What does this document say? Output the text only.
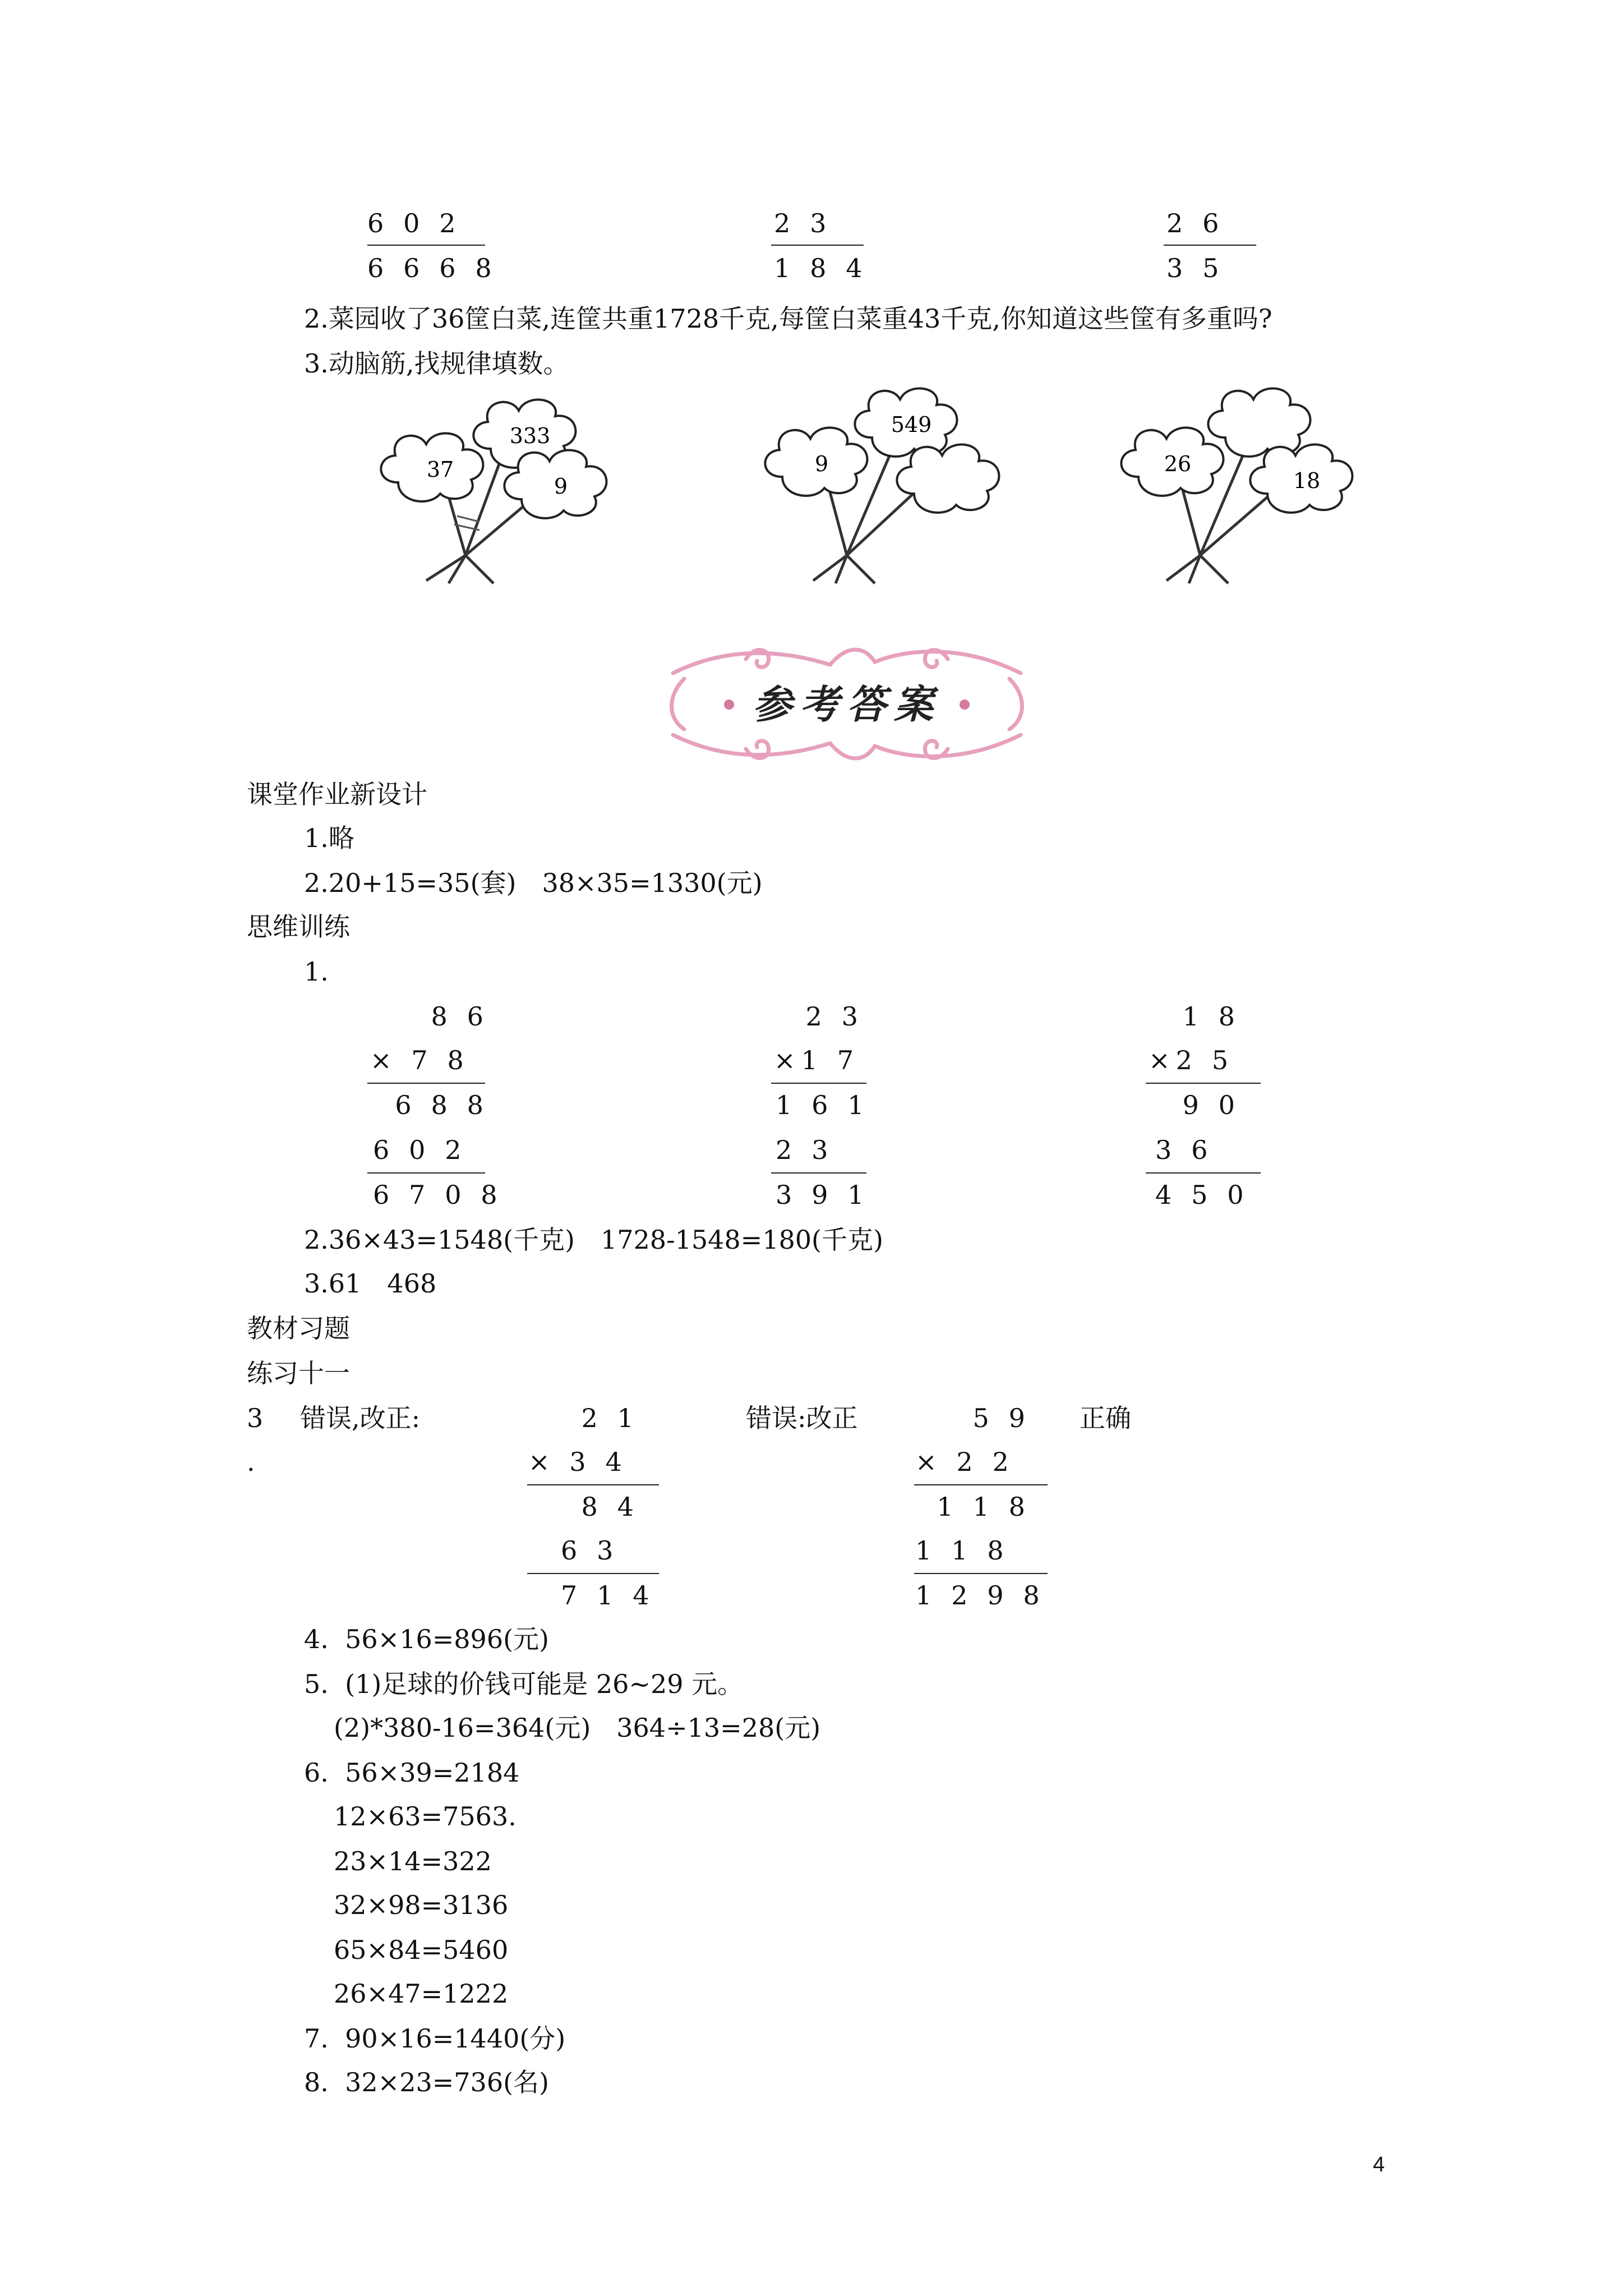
6 0 2
6 6 6 8
2 3
1 8 4
2 6
3 5
2.菜园收了36筐白菜,连筐共重1728千克,每筐白菜重43千克,你知道这些筐有多重吗?
3.动脑筋,找规律填数。
37
333
9
9
549
26
18
参考答案
课堂作业新设计
1.略
2.20+15=35(套)　38×35=1330(元)
思维训练
1.
8 6
× 7 8
6 8 8
6 0 2
6 7 0 8
2 3
×1 7
1 6 1
2 3
3 9 1
1 8
×2 5
9 0
3 6
4 5 0
2.36×43=1548(千克)　1728-1548=180(千克)
3.61　468
教材习题
练习十一
3
.
错误,改正:	错误:改正	正确
2 1
× 3 4
8 4
6 3
7 1 4
5 9
× 2 2
1 1 8
1 1 8
1 2 9 8
4.  56×16=896(元)
5.  (1)足球的价钱可能是 26~29 元。
(2)*380-16=364(元)　364÷13=28(元)
6.  56×39=2184
12×63=7563.
23×14=322
32×98=3136
65×84=5460
26×47=1222
7.  90×16=1440(分)
8.  32×23=736(名)
4
